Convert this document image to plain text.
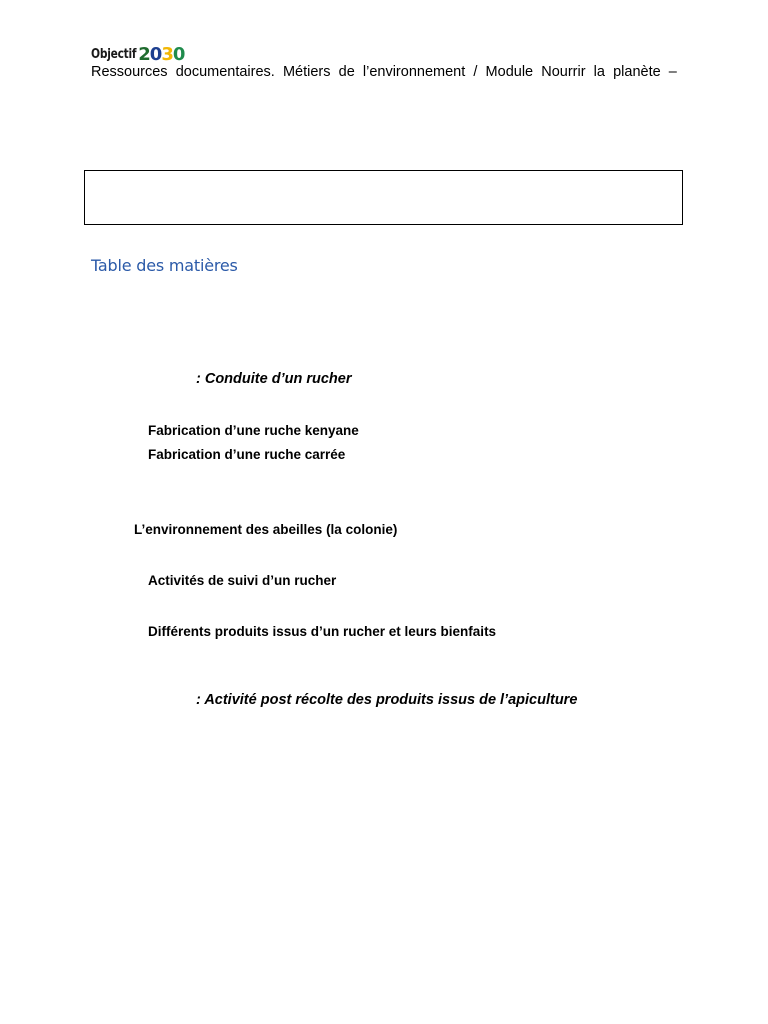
Objectif 2 0 3 0
Ressources documentaires. Métiers de l’environnement / Module Nourrir la planète –
Table des matières
: Conduite d’un rucher
Fabrication d’une ruche kenyane
Fabrication d’une ruche carrée
L’environnement des abeilles (la colonie)
Activités de suivi d’un rucher
Différents produits issus d’un rucher et leurs bienfaits
: Activité post récolte des produits issus de l’apiculture
